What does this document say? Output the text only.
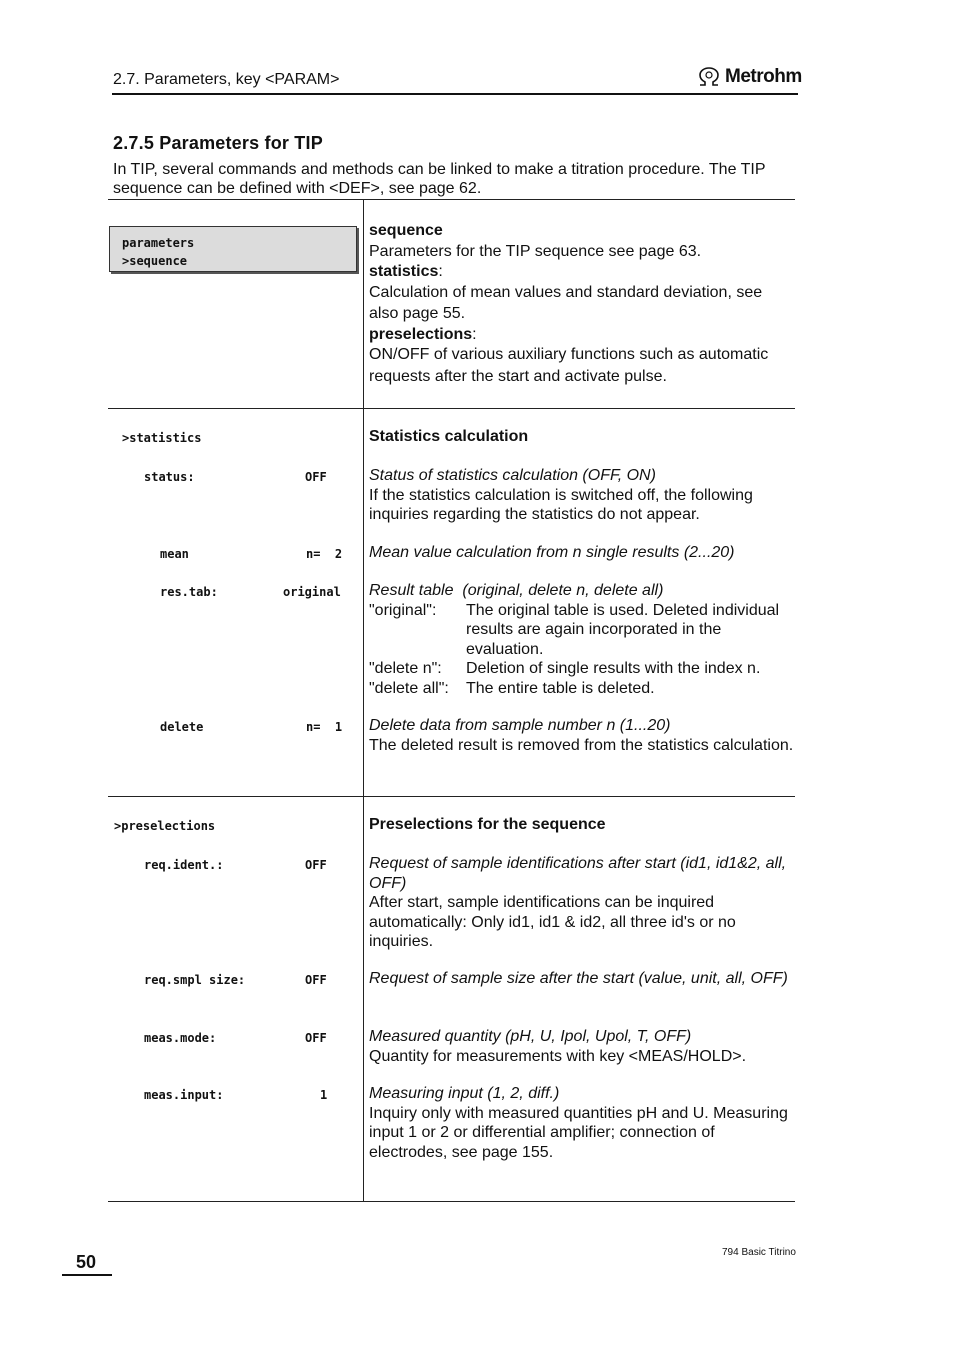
2.7. Parameters, key <PARAM>	Metrohm
2.7.5 Parameters for TIP
In TIP, several commands and methods can be linked to make a titration procedure. The TIP sequence can be defined with <DEF>, see page 62.
parameters
>sequence
sequence
Parameters for the TIP sequence see page 63.
statistics:
Calculation of mean values and standard deviation, see also page 55.
preselections:
ON/OFF of various auxiliary functions such as automatic requests after the start and activate pulse.
>statistics	Statistics calculation
status:	OFF	Status of statistics calculation (OFF, ON)
If the statistics calculation is switched off, the following inquiries regarding the statistics do not appear.
mean	n=  2 Mean value calculation from n single results (2...20)
res.tab:	original Result table  (original, delete n, delete all)
"original":	The original table is used. Deleted individual results are again incorporated in the evaluation.
"delete n":	Deletion of single results with the index n.
"delete all":	The entire table is deleted.
delete	n=  1 Delete data from sample number n (1...20)
The deleted result is removed from the statistics calculation.
>preselections	Preselections for the sequence
req.ident.:	OFF	Request of sample identifications after start (id1, id1&2, all, OFF)
After start, sample identifications can be inquired automatically: Only id1, id1 & id2, all three id's or no inquiries.
req.smpl size:	OFF	Request of sample size after the start (value, unit, all, OFF)
meas.mode:	OFF	Measured quantity (pH, U, Ipol, Upol, T, OFF)
Quantity for measurements with key <MEAS/HOLD>.
meas.input:	1	Measuring input (1, 2, diff.)
Inquiry only with measured quantities pH and U. Measuring input 1 or 2 or differential amplifier; connection of electrodes, see page 155.
50	794 Basic Titrino
